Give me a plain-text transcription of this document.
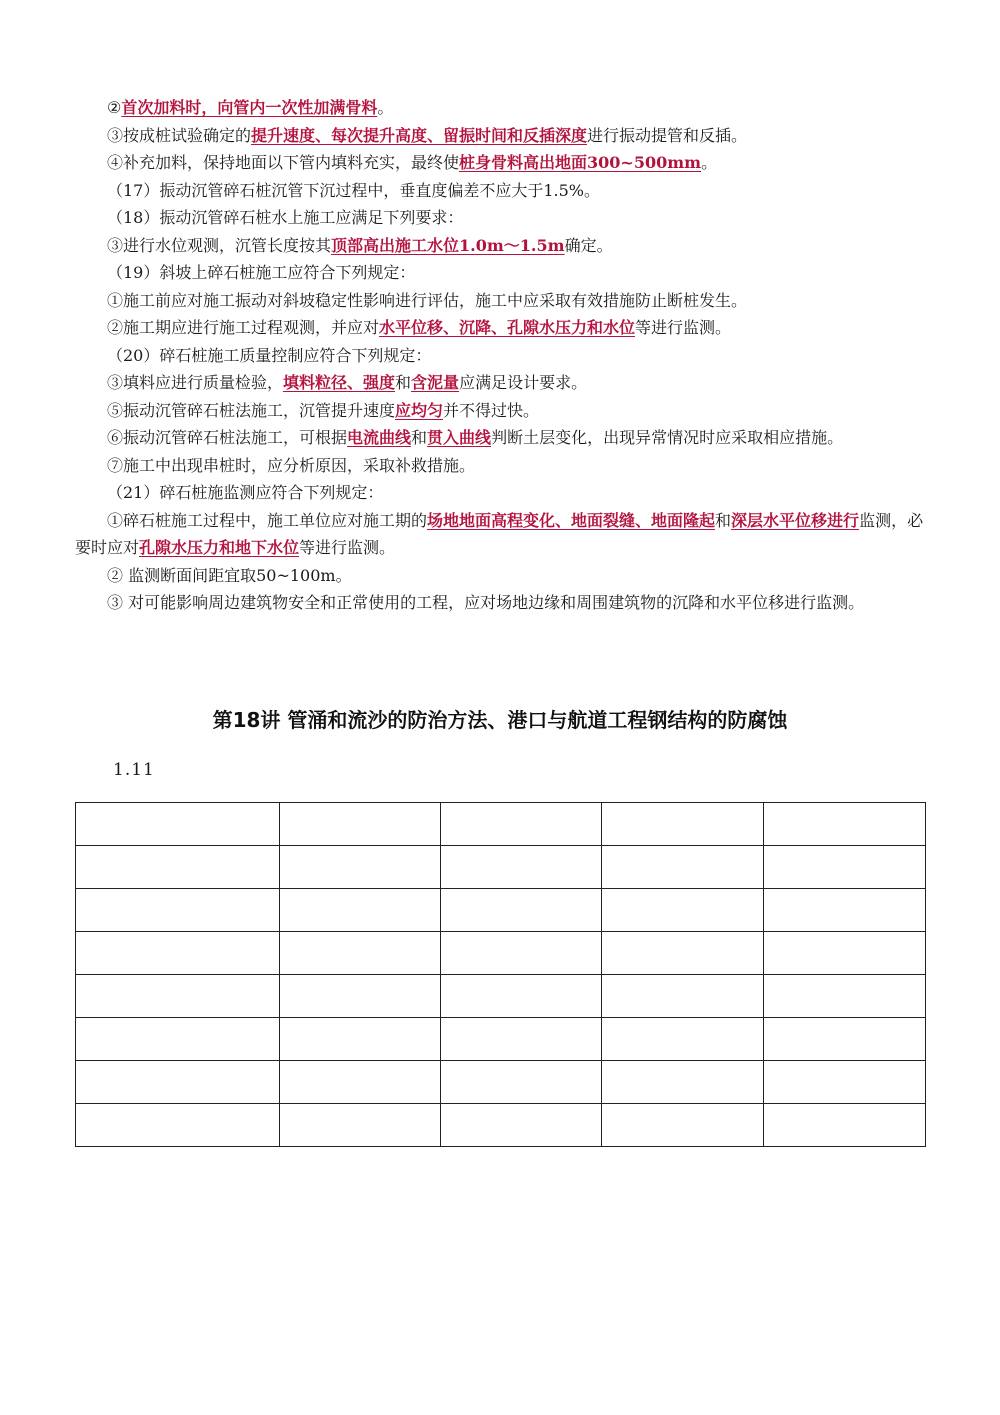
②首次加料时，向管内一次性加满骨料。

③按成桩试验确定的提升速度、每次提升高度、留振时间和反插深度进行振动提管和反插。

④补充加料，保持地面以下管内填料充实，最终使桩身骨料高出地面300~500mm。

（17）振动沉管碎石桩沉管下沉过程中，垂直度偏差不应大于1.5%。

（18）振动沉管碎石桩水上施工应满足下列要求：

③进行水位观测，沉管长度按其顶部高出施工水位1.0m～1.5m确定。

（19）斜坡上碎石桩施工应符合下列规定：

①施工前应对施工振动对斜坡稳定性影响进行评估，施工中应采取有效措施防止断桩发生。

②施工期应进行施工过程观测，并应对水平位移、沉降、孔隙水压力和水位等进行监测。

（20）碎石桩施工质量控制应符合下列规定：

③填料应进行质量检验，填料粒径、强度和含泥量应满足设计要求。

⑤振动沉管碎石桩法施工，沉管提升速度应均匀并不得过快。

⑥振动沉管碎石桩法施工，可根据电流曲线和贯入曲线判断土层变化，出现异常情况时应采取相应措施。

⑦施工中出现串桩时，应分析原因，采取补救措施。

（21）碎石桩施监测应符合下列规定：

①碎石桩施工过程中，施工单位应对施工期的场地地面高程变化、地面裂缝、地面隆起和深层水平位移进行监测，必要时应对孔隙水压力和地下水位等进行监测。

② 监测断面间距宜取50~100m。

③ 对可能影响周边建筑物安全和正常使用的工程，应对场地边缘和周围建筑物的沉降和水平位移进行监测。

第18讲 管涌和流沙的防治方法、港口与航道工程钢结构的防腐蚀

1.11
